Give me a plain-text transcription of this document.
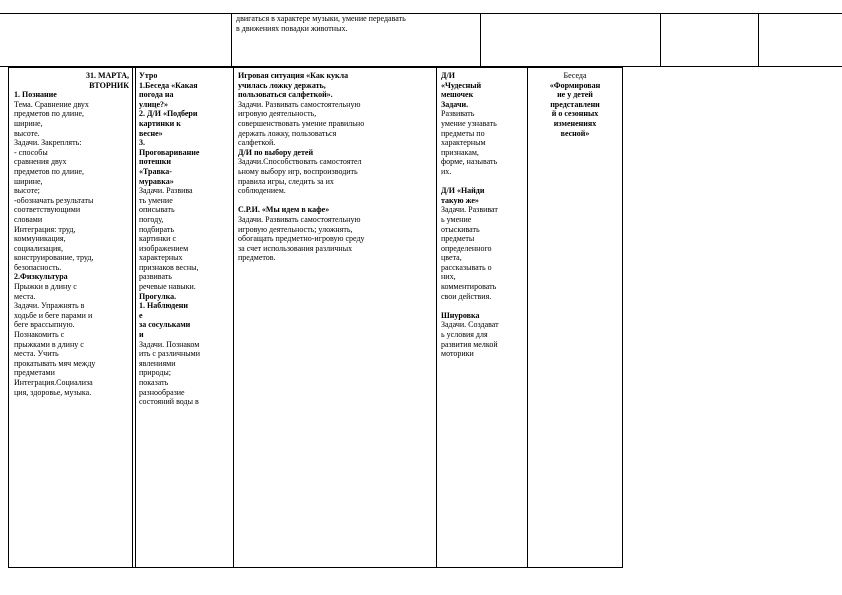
двигаться в характере музыки, умение передавать
в движениях повадки животных.
31. МАРТА,
ВТОРНИК
1. Познание
Тема. Сравнение двух
предметов по длине,
ширине,
высоте.
Задачи. Закреплять:
- способы
сравнения двух
предметов по длине,
ширине,
высоте;
-обозначать результаты
соответствующими
словами
Интеграция: труд,
коммуникация,
социализация,
конструирование, труд,
безопасность.
2.Физкультура
Прыжки в длину с
места.
Задачи. Упражнять в
ходьбе и беге парами и
беге врассыпную.
Познакомить с
прыжками в длину с
места. Учить
прокатывать мяч между
предметами
Интеграция.Социализа
ция, здоровье, музыка.
Утро
1.Беседа «Какая
погода на
улице?»
2. Д/И «Подбери
картинки к
весне»
3.
Проговаривание
потешки
«Травка-
муравка»
Задачи. Развива
ть умение
описывать
погоду,
подбирать
картинки с
изображением
характерных
признаков весны,
развивать
речевые навыки.
Прогулка.
1. Наблюдени
е
за сосульками
и
Задачи. Познаком
ить с различными
явлениями
природы;
показать
разнообразие
состояний воды в
Игровая ситуация «Как кукла
училась ложку держать,
пользоваться салфеткой».
Задачи. Развивать самостоятельную
игровую деятельность,
совершенствовать умение правильно
держать ложку, пользоваться
салфеткой.
Д/И по выбору детей
Задачи.Способствовать самостоятел
ьному выбору игр, воспроизводить
правила игры, следить за их
соблюдением.
С.Р.И. «Мы идем в кафе»
Задачи. Развивать самостоятельную
игровую деятельность; уложнять,
обогащать предметно-игровую среду
за счет использования различных
предметов.
Д/И
«Чудесный
мешочек
Задачи.
Развивать
умение узнавать
предметы по
характерным
признакам,
форме, называть
их.
Д/И «Найди
такую же»
Задачи. Развиват
ь умение
отыскивать
предметы
определенного
цвета,
рассказывать о
них,
комментировать
свои действия.
Шнуровка
Задачи. Создават
ь условия для
развития мелкой
моторики
Беседа
«Формирован
ие у детей
представлени
й о сезонных
изменениях
весной»
